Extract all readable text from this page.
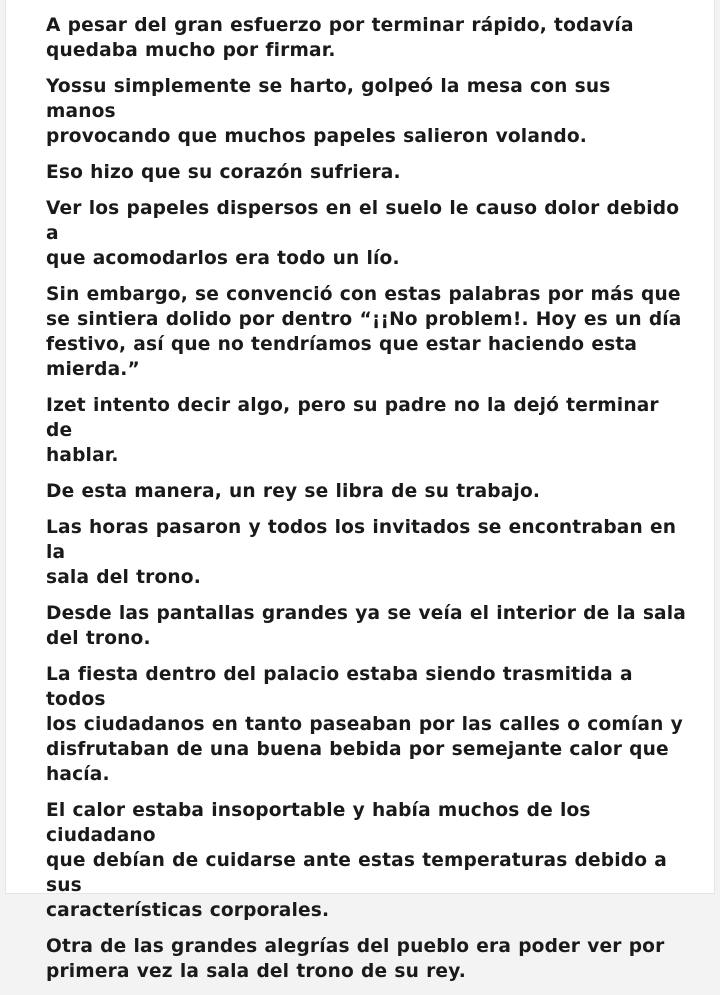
A pesar del gran esfuerzo por terminar rápido, todavía
quedaba mucho por firmar.

Yossu simplemente se harto, golpeó la mesa con sus manos
provocando que muchos papeles salieron volando.

Eso hizo que su corazón sufriera.

Ver los papeles dispersos en el suelo le causo dolor debido a
que acomodarlos era todo un lío.

Sin embargo, se convenció con estas palabras por más que
se sintiera dolido por dentro “¡¡No problem!. Hoy es un día
festivo, así que no tendríamos que estar haciendo esta
mierda.”

Izet intento decir algo, pero su padre no la dejó terminar de
hablar.

De esta manera, un rey se libra de su trabajo.

Las horas pasaron y todos los invitados se encontraban en la
sala del trono.

Desde las pantallas grandes ya se veía el interior de la sala
del trono.

La fiesta dentro del palacio estaba siendo trasmitida a todos
los ciudadanos en tanto paseaban por las calles o comían y
disfrutaban de una buena bebida por semejante calor que
hacía.

El calor estaba insoportable y había muchos de los ciudadano
que debían de cuidarse ante estas temperaturas debido a sus
características corporales.

Otra de las grandes alegrías del pueblo era poder ver por
primera vez la sala del trono de su rey.
